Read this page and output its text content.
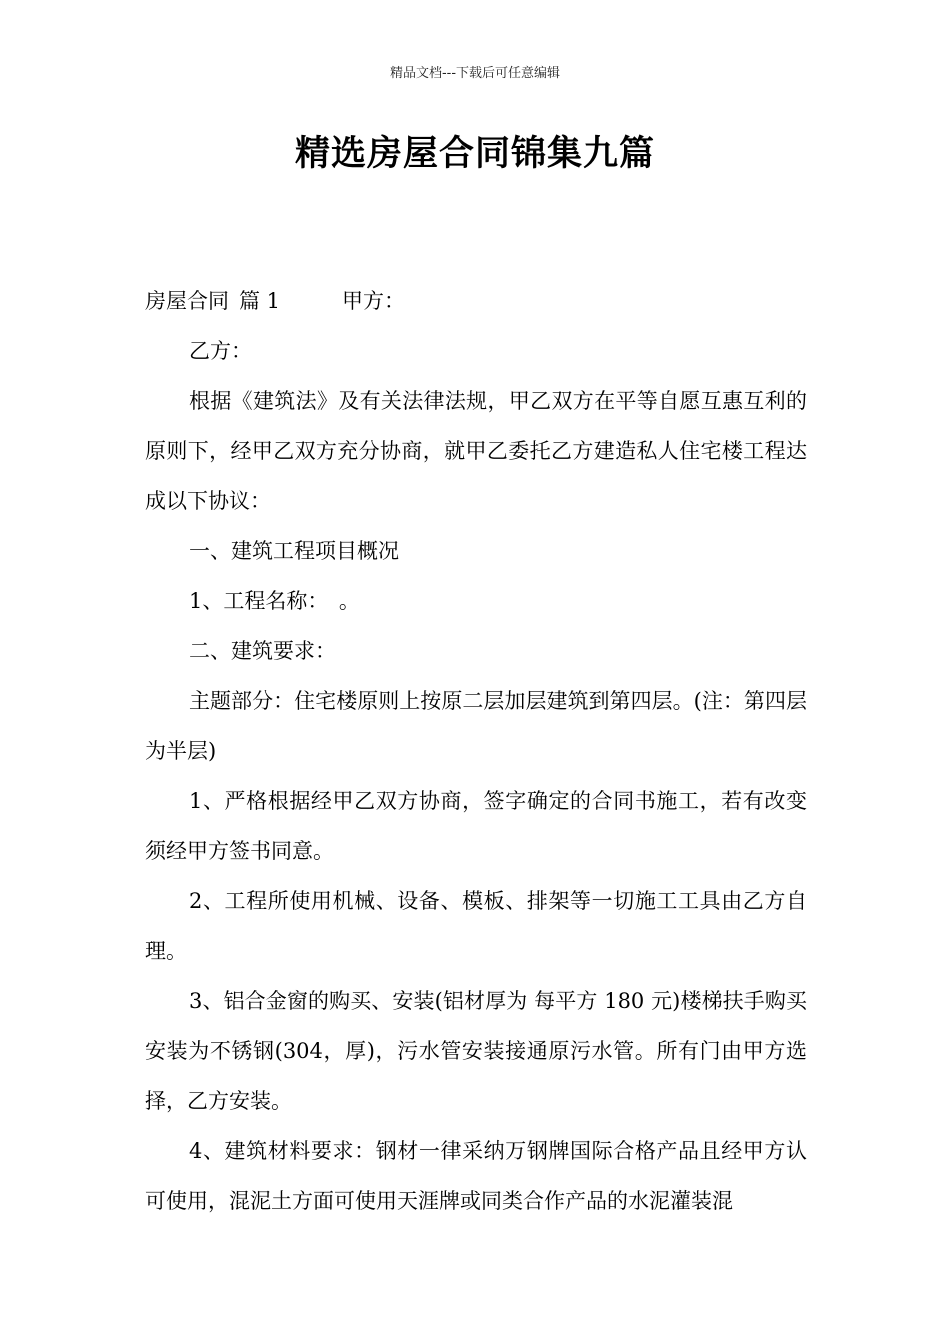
精品文档---下载后可任意编辑
精选房屋合同锦集九篇

房屋合同 篇 1	甲方：

乙方：

根据《建筑法》及有关法律法规，甲乙双方在平等自愿互惠互利的原则下，经甲乙双方充分协商，就甲乙委托乙方建造私人住宅楼工程达成以下协议：

一、建筑工程项目概况

1、工程名称：　。

二、建筑要求：

主题部分：住宅楼原则上按原二层加层建筑到第四层。(注：第四层为半层)

1、严格根据经甲乙双方协商，签字确定的合同书施工，若有改变须经甲方签书同意。

2、工程所使用机械、设备、模板、排架等一切施工工具由乙方自理。

3、铝合金窗的购买、安装(铝材厚为 每平方 180 元)楼梯扶手购买安装为不锈钢(304，厚)，污水管安装接通原污水管。所有门由甲方选择，乙方安装。

4、建筑材料要求：钢材一律采纳万钢牌国际合格产品且经甲方认可使用，混泥土方面可使用天涯牌或同类合作产品的水泥灌装混
